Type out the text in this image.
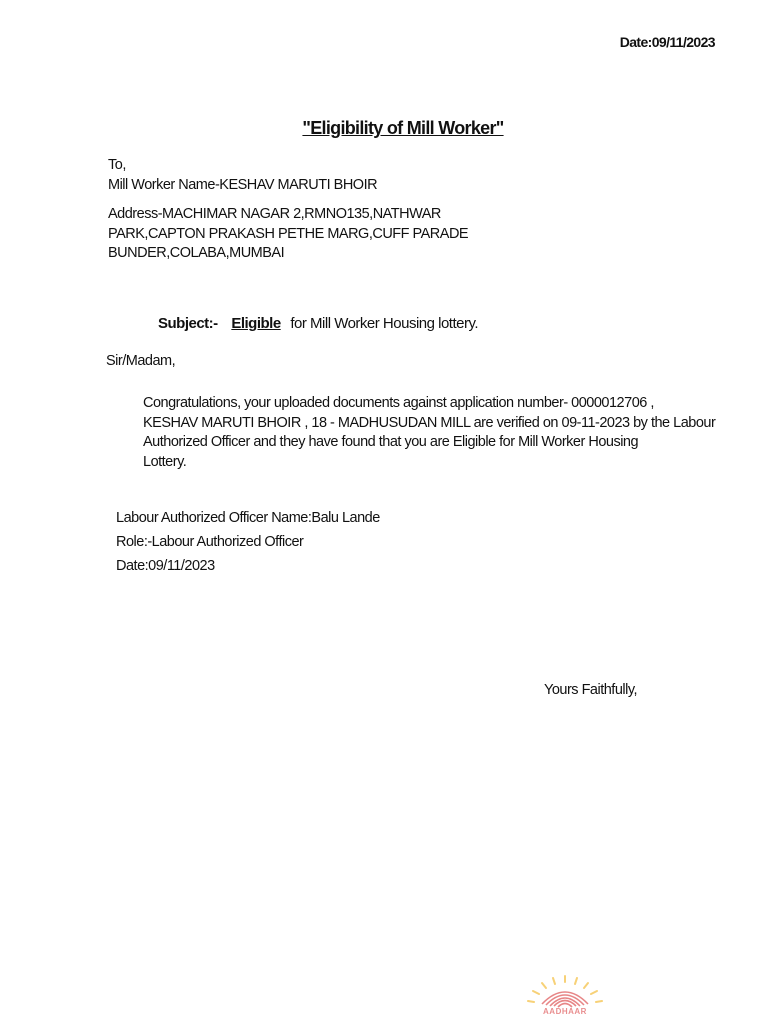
Date:09/11/2023
"Eligibility of Mill Worker"
To,
Mill Worker Name-KESHAV MARUTI BHOIR
Address-MACHIMAR NAGAR 2,RMNO135,NATHWAR
PARK,CAPTON PRAKASH PETHE MARG,CUFF PARADE
BUNDER,COLABA,MUMBAI
Subject:- Eligible for Mill Worker Housing lottery.
Sir/Madam,
Congratulations, your uploaded documents against application number- 0000012706 ,
KESHAV MARUTI BHOIR , 18 - MADHUSUDAN MILL are verified on 09-11-2023 by the Labour
Authorized Officer and they have found that you are Eligible for Mill Worker Housing
Lottery.
Labour Authorized Officer Name:Balu Lande
Role:-Labour Authorized Officer
Date:09/11/2023
Yours Faithfully,
AADHAAR
